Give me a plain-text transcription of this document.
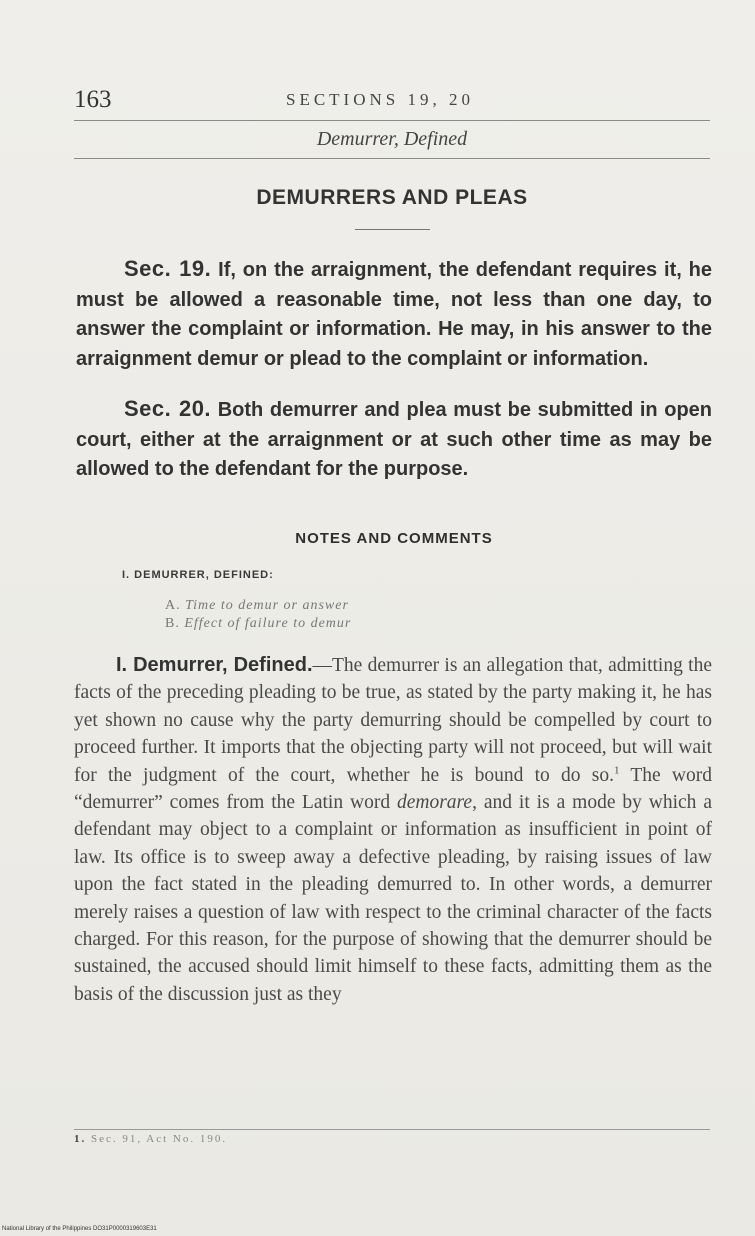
163	SECTIONS 19, 20
Demurrer, Defined
DEMURRERS AND PLEAS

Sec. 19. If, on the arraignment, the defendant requires it, he must be allowed a reasonable time, not less than one day, to answer the complaint or information. He may, in his answer to the arraignment demur or plead to the complaint or information.

Sec. 20. Both demurrer and plea must be submitted in open court, either at the arraignment or at such other time as may be allowed to the defendant for the purpose.

NOTES AND COMMENTS
I. DEMURRER, DEFINED:
A. Time to demur or answer
B. Effect of failure to demur

I. Demurrer, Defined.—The demurrer is an allegation that, admitting the facts of the preceding pleading to be true, as stated by the party making it, he has yet shown no cause why the party demurring should be compelled by court to proceed further. It imports that the objecting party will not proceed, but will wait for the judgment of the court, whether he is bound to do so.$^1$ The word “demurrer” comes from the Latin word demorare, and it is a mode by which a defendant may object to a complaint or information as insufficient in point of law. Its office is to sweep away a defective pleading, by raising issues of law upon the fact stated in the pleading demurred to. In other words, a demurrer merely raises a question of law with respect to the criminal character of the facts charged. For this reason, for the purpose of showing that the demurrer should be sustained, the accused should limit himself to these facts, admitting them as the basis of the discussion just as they

1. Sec. 91, Act No. 190.
National Library of the Philippines DO31P0000319603E31
